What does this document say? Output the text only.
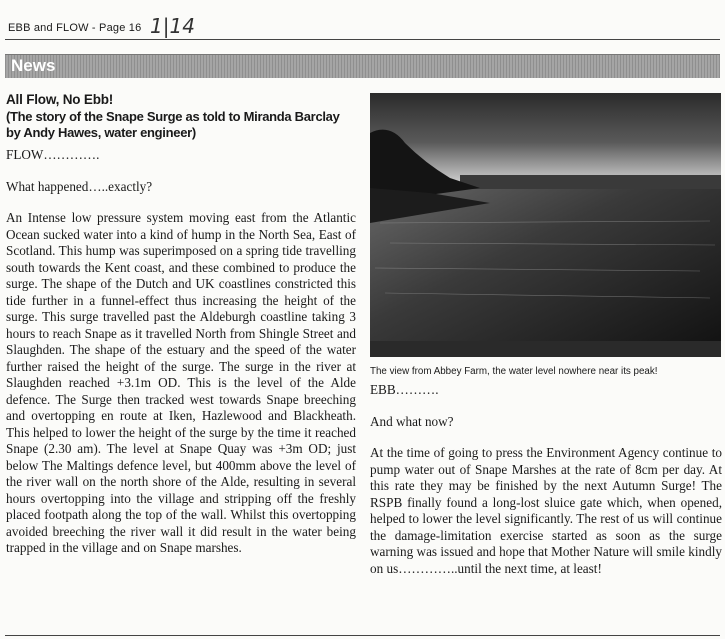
EBB and FLOW - Page 16 1|14
News
All Flow, No Ebb!
(The story of the Snape Surge as told to Miranda Barclay by Andy Hawes, water engineer)

FLOW………….

What happened…..exactly?

An Intense low pressure system moving east from the Atlantic Ocean sucked water into a kind of hump in the North Sea, East of Scotland. This hump was superimposed on a spring tide travelling south towards the Kent coast, and these combined to produce the surge. The shape of the Dutch and UK coastlines constricted this tide further in a funnel-effect thus increasing the height of the surge. This surge travelled past the Aldeburgh coastline taking 3 hours to reach Snape as it travelled North from Shingle Street and Slaughden. The shape of the estuary and the speed of the water further raised the height of the surge. The surge in the river at Slaughden reached +3.1m OD. This is the level of the Alde defence. The Surge then tracked west towards Snape breeching and overtopping en route at Iken, Hazlewood and Blackheath. This helped to lower the height of the surge by the time it reached Snape (2.30 am). The level at Snape Quay was +3m OD; just below The Maltings defence level, but 400mm above the level of the river wall on the north shore of the Alde, resulting in several hours overtopping into the village and stripping off the freshly placed footpath along the top of the wall. Whilst this overtopping avoided breeching the river wall it did result in the water being trapped in the village and on Snape marshes.

The view from Abbey Farm, the water level nowhere near its peak!

EBB……….

And what now?

At the time of going to press the Environment Agency continue to pump water out of Snape Marshes at the rate of 8cm per day. At this rate they may be finished by the next Autumn Surge! The RSPB finally found a long-lost sluice gate which, when opened, helped to lower the level significantly. The rest of us will continue the damage-limitation exercise started as soon as the surge warning was issued and hope that Mother Nature will smile kindly on us…………..until the next time, at least!
